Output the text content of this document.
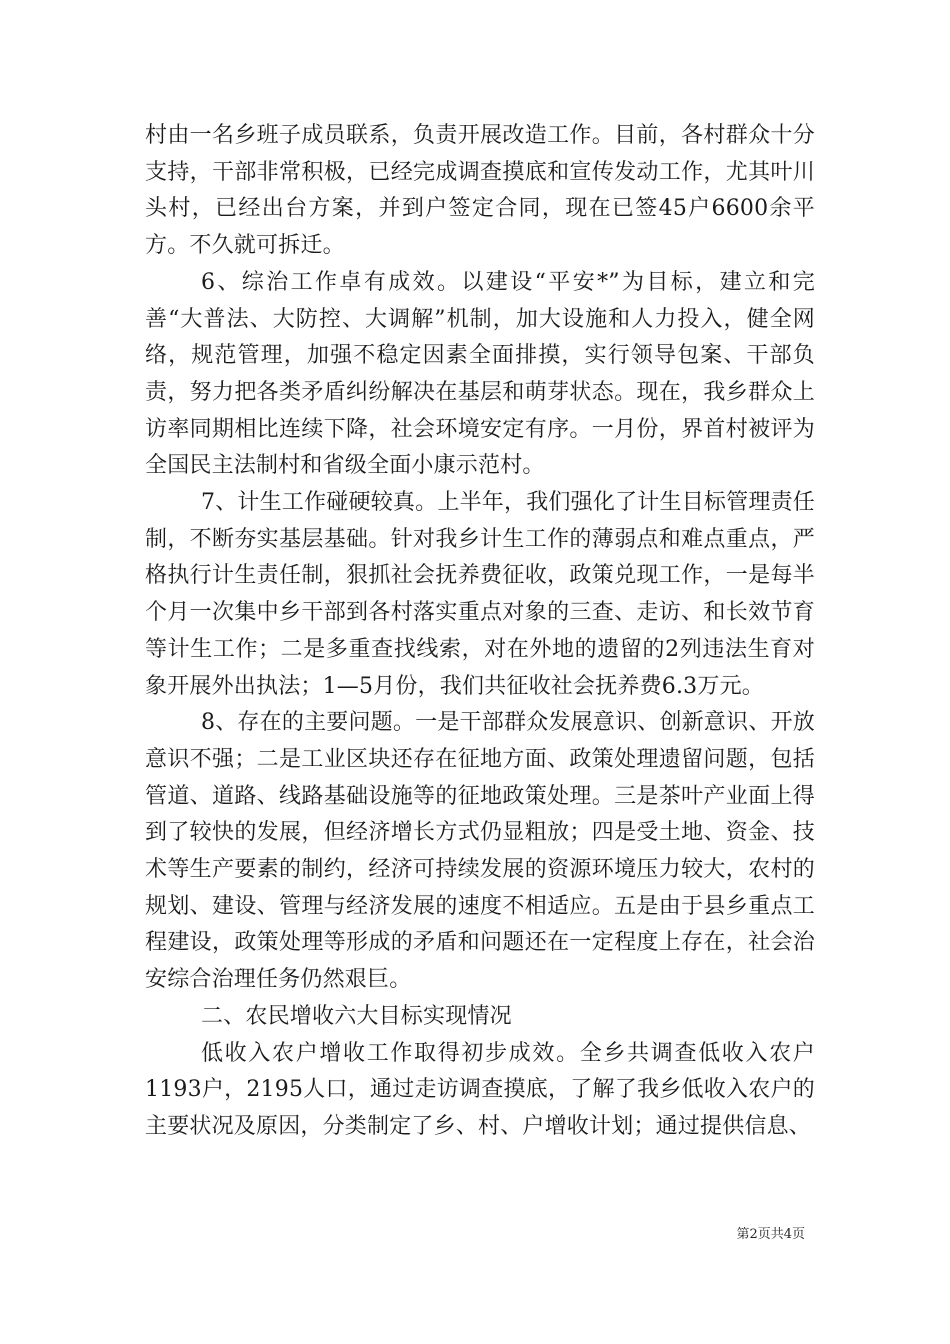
村由一名乡班子成员联系，负责开展改造工作。目前，各村群众十分支持，干部非常积极，已经完成调查摸底和宣传发动工作，尤其叶川头村，已经出台方案，并到户签定合同，现在已签45户6600余平方。不久就可拆迁。

6、综治工作卓有成效。以建设“平安*”为目标，建立和完善“大普法、大防控、大调解”机制，加大设施和人力投入，健全网络，规范管理，加强不稳定因素全面排摸，实行领导包案、干部负责，努力把各类矛盾纠纷解决在基层和萌芽状态。现在，我乡群众上访率同期相比连续下降，社会环境安定有序。一月份，界首村被评为全国民主法制村和省级全面小康示范村。

7、计生工作碰硬较真。上半年，我们强化了计生目标管理责任制，不断夯实基层基础。针对我乡计生工作的薄弱点和难点重点，严格执行计生责任制，狠抓社会抚养费征收，政策兑现工作，一是每半个月一次集中乡干部到各村落实重点对象的三查、走访、和长效节育等计生工作；二是多重查找线索，对在外地的遗留的2列违法生育对象开展外出执法；1—5月份，我们共征收社会抚养费6.3万元。

8、存在的主要问题。一是干部群众发展意识、创新意识、开放意识不强；二是工业区块还存在征地方面、政策处理遗留问题，包括管道、道路、线路基础设施等的征地政策处理。三是茶叶产业面上得到了较快的发展，但经济增长方式仍显粗放；四是受土地、资金、技术等生产要素的制约，经济可持续发展的资源环境压力较大，农村的规划、建设、管理与经济发展的速度不相适应。五是由于县乡重点工程建设，政策处理等形成的矛盾和问题还在一定程度上存在，社会治安综合治理任务仍然艰巨。

二、农民增收六大目标实现情况

低收入农户增收工作取得初步成效。全乡共调查低收入农户1193户，2195人口，通过走访调查摸底，了解了我乡低收入农户的主要状况及原因，分类制定了乡、村、户增收计划；通过提供信息、

第2页共4页
